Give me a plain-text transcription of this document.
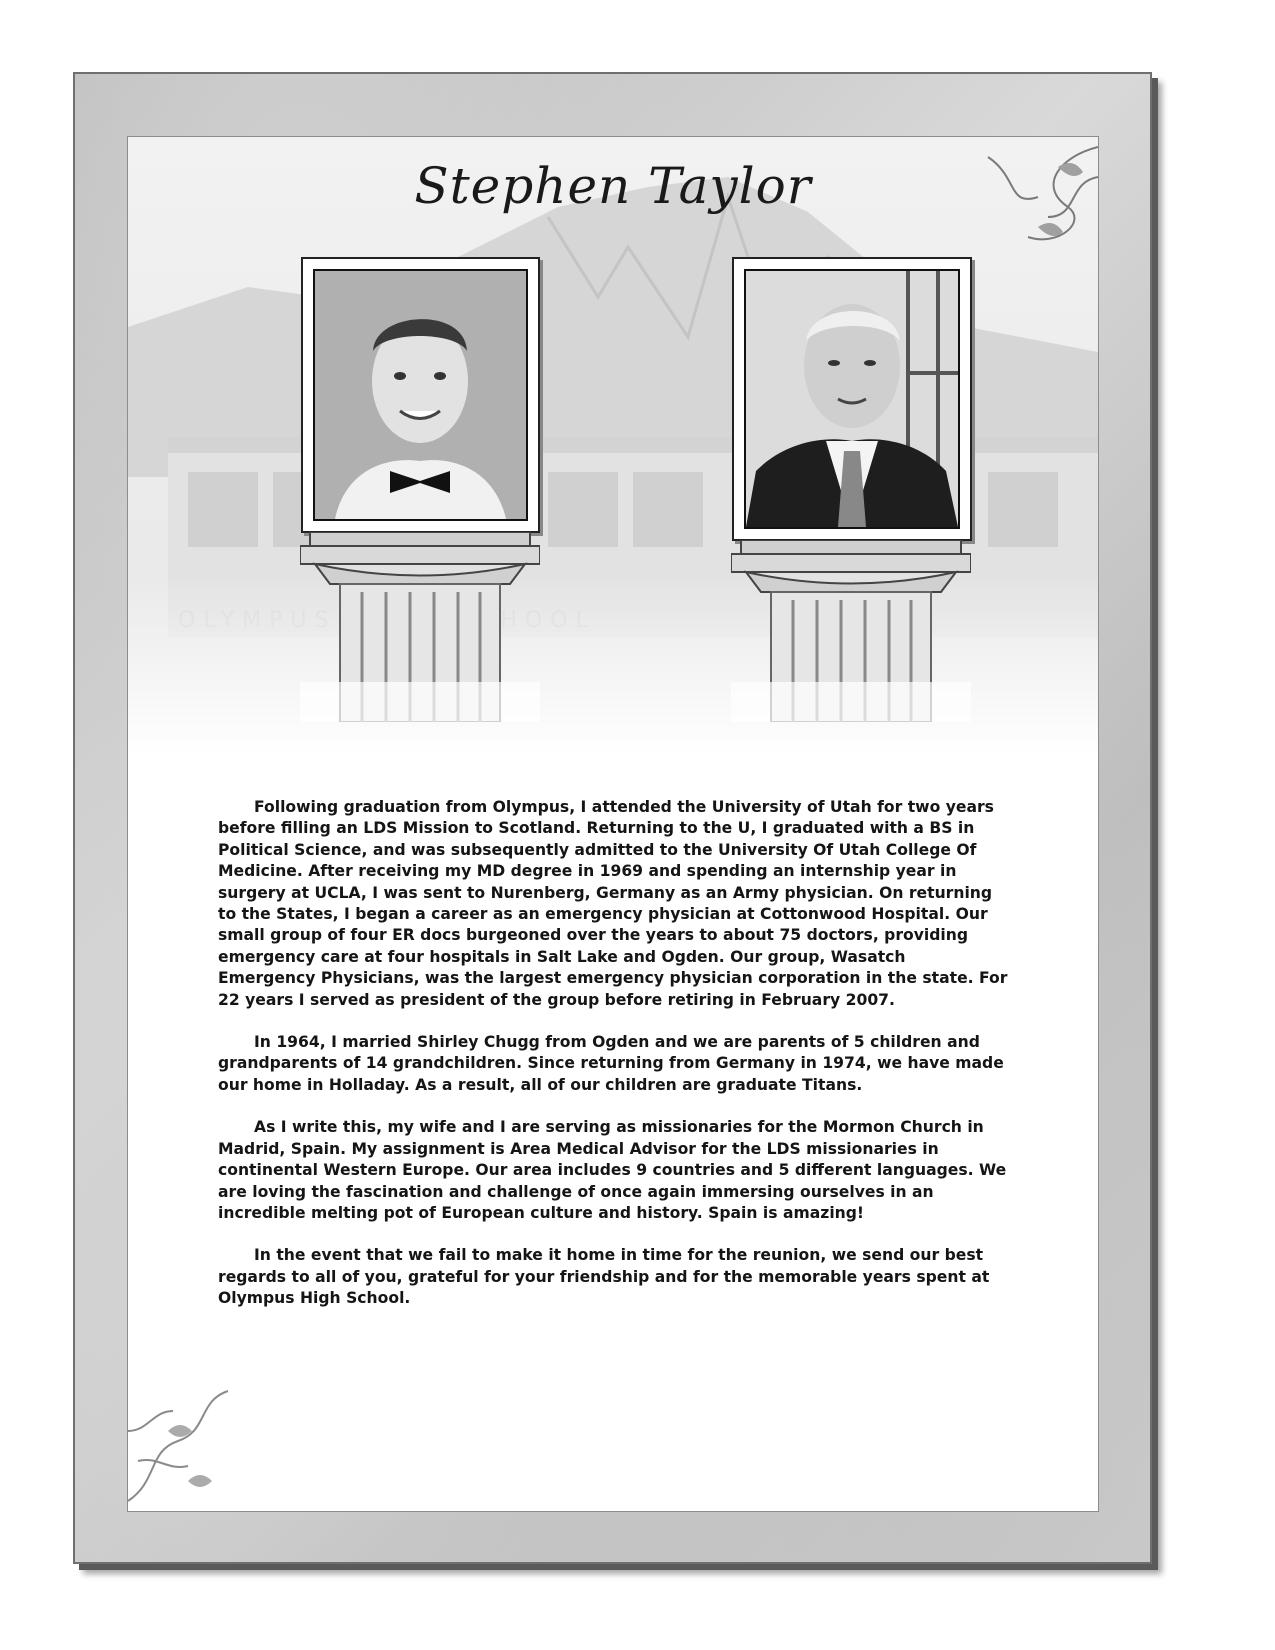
Stephen Taylor

Following graduation from Olympus, I attended the University of Utah for two years before filling an LDS Mission to Scotland. Returning to the U, I graduated with a BS in Political Science, and was subsequently admitted to the University Of Utah College Of Medicine. After receiving my MD degree in 1969 and spending an internship year in surgery at UCLA, I was sent to Nurenberg, Germany as an Army physician. On returning to the States, I began a career as an emergency physician at Cottonwood Hospital. Our small group of four ER docs burgeoned over the years to about 75 doctors, providing emergency care at four hospitals in Salt Lake and Ogden. Our group, Wasatch Emergency Physicians, was the largest emergency physician corporation in the state. For 22 years I served as president of the group before retiring in February 2007.

In 1964, I married Shirley Chugg from Ogden and we are parents of 5 children and grandparents of 14 grandchildren. Since returning from Germany in 1974, we have made our home in Holladay. As a result, all of our children are graduate Titans.

As I write this, my wife and I are serving as missionaries for the Mormon Church in Madrid, Spain. My assignment is Area Medical Advisor for the LDS missionaries in continental Western Europe. Our area includes 9 countries and 5 different languages. We are loving the fascination and challenge of once again immersing ourselves in an incredible melting pot of European culture and history. Spain is amazing!

In the event that we fail to make it home in time for the reunion, we send our best regards to all of you, grateful for your friendship and for the memorable years spent at Olympus High School.
